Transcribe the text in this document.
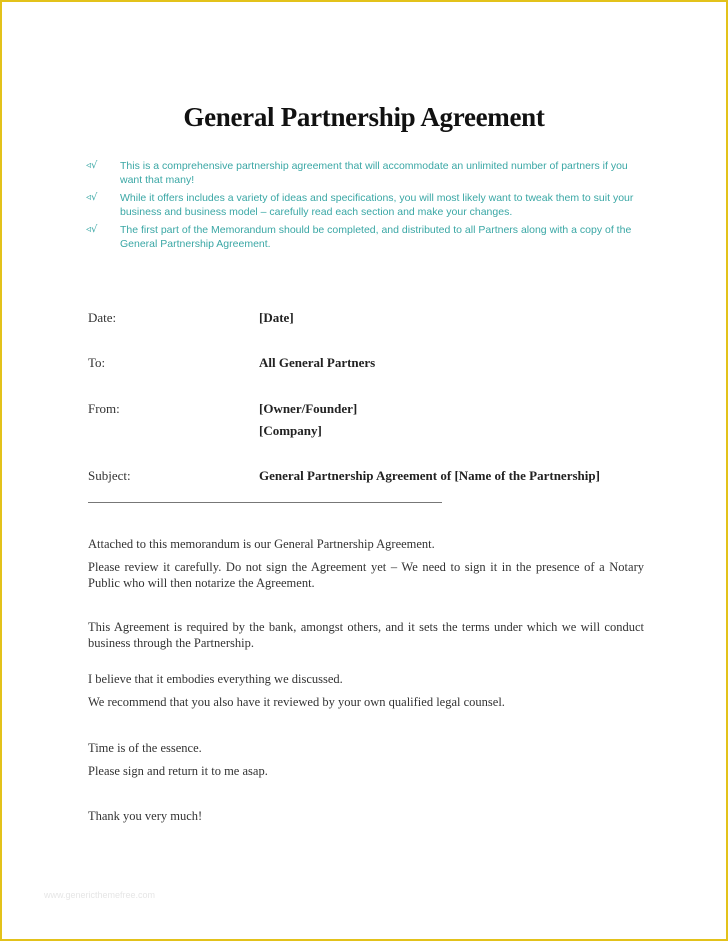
General Partnership Agreement
◃√ This is a comprehensive partnership agreement that will accommodate an unlimited number of partners if you want that many!
◃√ While it offers includes a variety of ideas and specifications, you will most likely want to tweak them to suit your business and business model – carefully read each section and make your changes.
◃√ The first part of the Memorandum should be completed, and distributed to all Partners along with a copy of the General Partnership Agreement.
Date:	[Date]
To:	All General Partners
From:	[Owner/Founder]
[Company]
Subject:	General Partnership Agreement of [Name of the Partnership]
Attached to this memorandum is our General Partnership Agreement.
Please review it carefully. Do not sign the Agreement yet – We need to sign it in the presence of a Notary Public who will then notarize the Agreement.
This Agreement is required by the bank, amongst others, and it sets the terms under which we will conduct business through the Partnership.
I believe that it embodies everything we discussed.
We recommend that you also have it reviewed by your own qualified legal counsel.
Time is of the essence.
Please sign and return it to me asap.
Thank you very much!
www.genericthemefree.com
